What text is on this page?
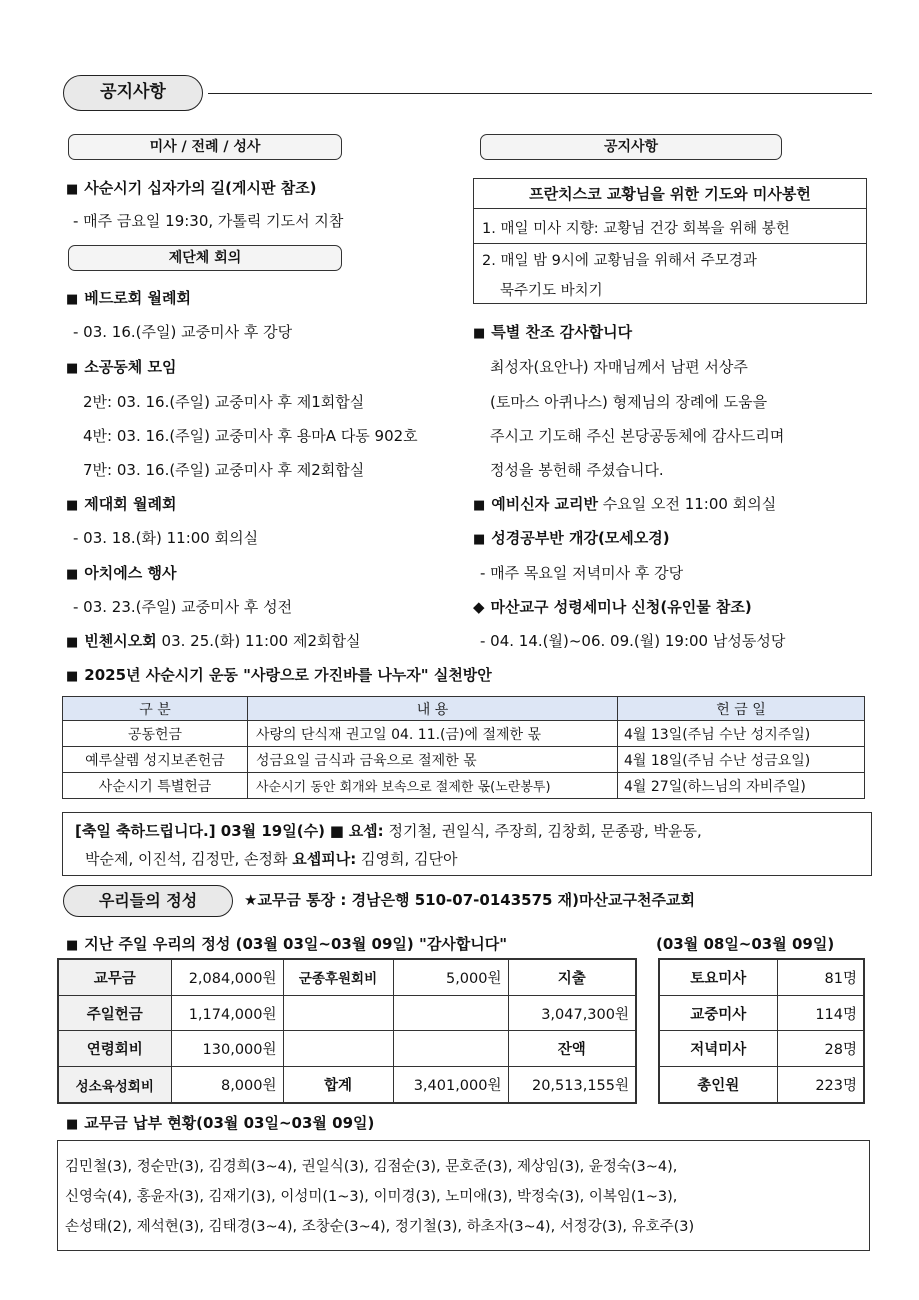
공지사항
미사 / 전례 / 성사
■ 사순시기 십자가의 길(게시판 참조)
- 매주 금요일 19:30, 가톨릭 기도서 지참
제단체 회의
■ 베드로회 월례회
- 03. 16.(주일) 교중미사 후 강당
■ 소공동체 모임
2반: 03. 16.(주일) 교중미사 후 제1회합실
4반: 03. 16.(주일) 교중미사 후 용마A 다동 902호
7반: 03. 16.(주일) 교중미사 후 제2회합실
■ 제대회 월례회
- 03. 18.(화) 11:00 회의실
■ 아치에스 행사
- 03. 23.(주일) 교중미사 후 성전
■ 빈첸시오회 03. 25.(화) 11:00 제2회합실
공지사항
프란치스코 교황님을 위한 기도와 미사봉헌
1. 매일 미사 지향: 교황님 건강 회복을 위해 봉헌
2. 매일 밤 9시에 교황님을 위해서 주모경과
묵주기도 바치기
■ 특별 찬조 감사합니다
최성자(요안나) 자매님께서 남편 서상주
(토마스 아퀴나스) 형제님의 장례에 도움을
주시고 기도해 주신 본당공동체에 감사드리며
정성을 봉헌해 주셨습니다.
■ 예비신자 교리반 수요일 오전 11:00 회의실
■ 성경공부반 개강(모세오경)
- 매주 목요일 저녁미사 후 강당
◆ 마산교구 성령세미나 신청(유인물 참조)
- 04. 14.(월)~06. 09.(월) 19:00 남성동성당
■ 2025년 사순시기 운동 "사랑으로 가진바를 나누자" 실천방안
구 분	내 용	헌 금 일
공동헌금	사랑의 단식재 권고일 04. 11.(금)에 절제한 몫	4월 13일(주님 수난 성지주일)
예루살렘 성지보존헌금	성금요일 금식과 금육으로 절제한 몫	4월 18일(주님 수난 성금요일)
사순시기 특별헌금	사순시기 동안 회개와 보속으로 절제한 몫(노란봉투)	4월 27일(하느님의 자비주일)
[축일 축하드립니다.] 03월 19일(수) ■ 요셉: 정기철, 권일식, 주장희, 김창회, 문종광, 박윤동,
박순제, 이진석, 김정만, 손정화 요셉피나: 김영희, 김단아
우리들의 정성	★교무금 통장 : 경남은행 510-07-0143575 재)마산교구천주교회
■ 지난 주일 우리의 정성 (03월 03일~03월 09일) "감사합니다"	(03월 08일~03월 09일)
교무금	2,084,000원	군종후원회비	5,000원	지출
주일헌금	1,174,000원			3,047,300원
연령회비	130,000원			잔액
성소육성회비	8,000원	합계	3,401,000원	20,513,155원
토요미사	81명
교중미사	114명
저녁미사	28명
총인원	223명
■ 교무금 납부 현황(03월 03일~03월 09일)
김민철(3), 정순만(3), 김경희(3~4), 권일식(3), 김점순(3), 문호준(3), 제상임(3), 윤정숙(3~4),
신영숙(4), 홍윤자(3), 김재기(3), 이성미(1~3), 이미경(3), 노미애(3), 박정숙(3), 이복임(1~3),
손성태(2), 제석현(3), 김태경(3~4), 조창순(3~4), 정기철(3), 하초자(3~4), 서정강(3), 유호주(3)
